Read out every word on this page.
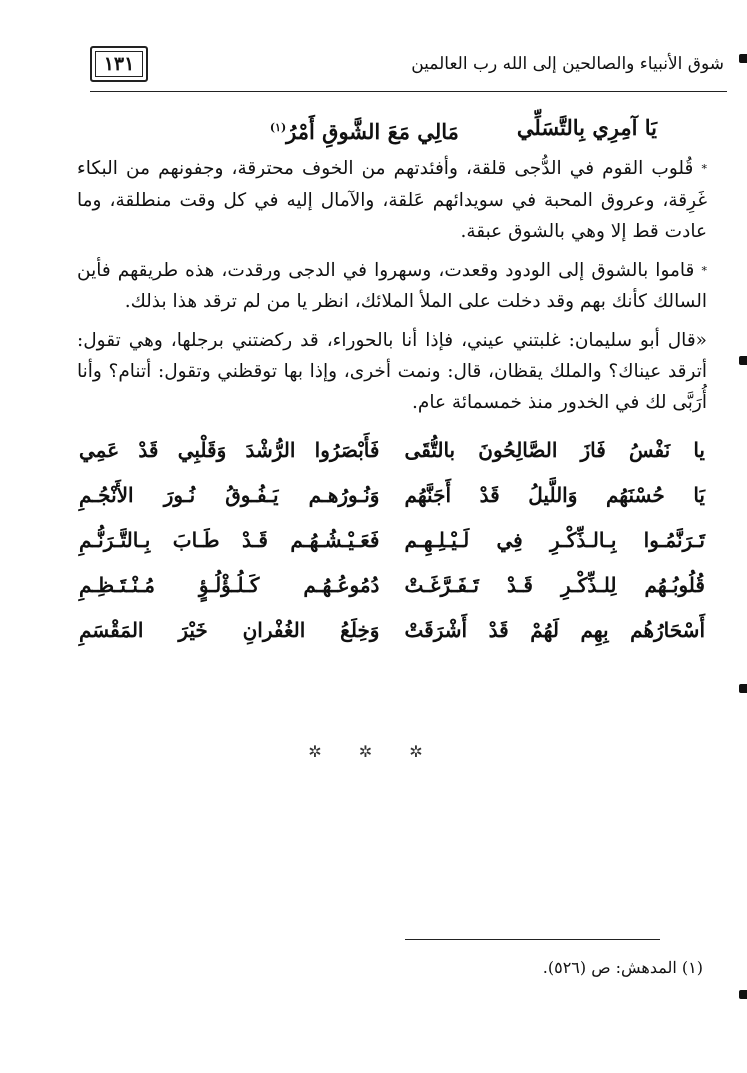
١٣١	شوق الأنبياء والصالحين إلى الله رب العالمين
يَا آمِرِي بِالتَّسَلِّي
مَالِي مَعَ الشَّوقِ أَمْرُ$^{(١)}$

* قُلوب القوم في الدُّجى قلقة، وأفئدتهم من الخوف محترقة، وجفونهم من البكاء غَرِقة، وعروق المحبة في سويدائهم عَلقة، والآمال إليه في كل وقت منطلقة، وما عادت قط إلا وهي بالشوق عبقة.

* قاموا بالشوق إلى الودود وقعدت، وسهروا في الدجى ورقدت، هذه طريقهم فأين السالك كأنك بهم وقد دخلت على الملأ الملائك، انظر يا من لم ترقد هذا بذلك.

«قال أبو سليمان: غلبتني عيني، فإذا أنا بالحوراء، قد ركضتني برجلها، وهي تقول: أترقد عيناك؟ والملك يقظان، قال: ونمت أخرى، وإذا بها توقظني وتقول: أتنام؟ وأنا أُرَبَّى لك في الخدور منذ خمسمائة عام.

يا نَفْسُ فَازَ الصَّالِحُونَ بالتُّقَى
فَأَبْصَرُوا الرُّشْدَ وَقَلْبِي قَدْ عَمِي
يَا حُسْنَهُم وَاللَّيلُ قَدْ أَجَنَّهُم
وَنُـورُهـم يَـفُـوقُ نُـورَ الأَنْجُـمِ
تَـرَنَّمُـوا بِـالـذِّكْـرِ فِي لَـيْـلِـهِـم
فَعَـيْـشُـهُـم قَـدْ طَـابَ بِـالتَّـرَنُّـمِ
قُلُوبُـهُم لِلـذِّكْـرِ قَـدْ تَـفَـرَّغَـتْ
دُمُوعُـهُـم كَـلُـؤْلُـؤٍ مُـنْـتَـظِـمِ
أَسْحَارُهُم بِهِم لَهُمْ قَدْ أَشْرَقَتْ
وَخِلَعُ الغُفْرانِ خَيْرَ المَقْسَمِ
✲ ✲ ✲
(١) المدهش: ص (٥٢٦).
